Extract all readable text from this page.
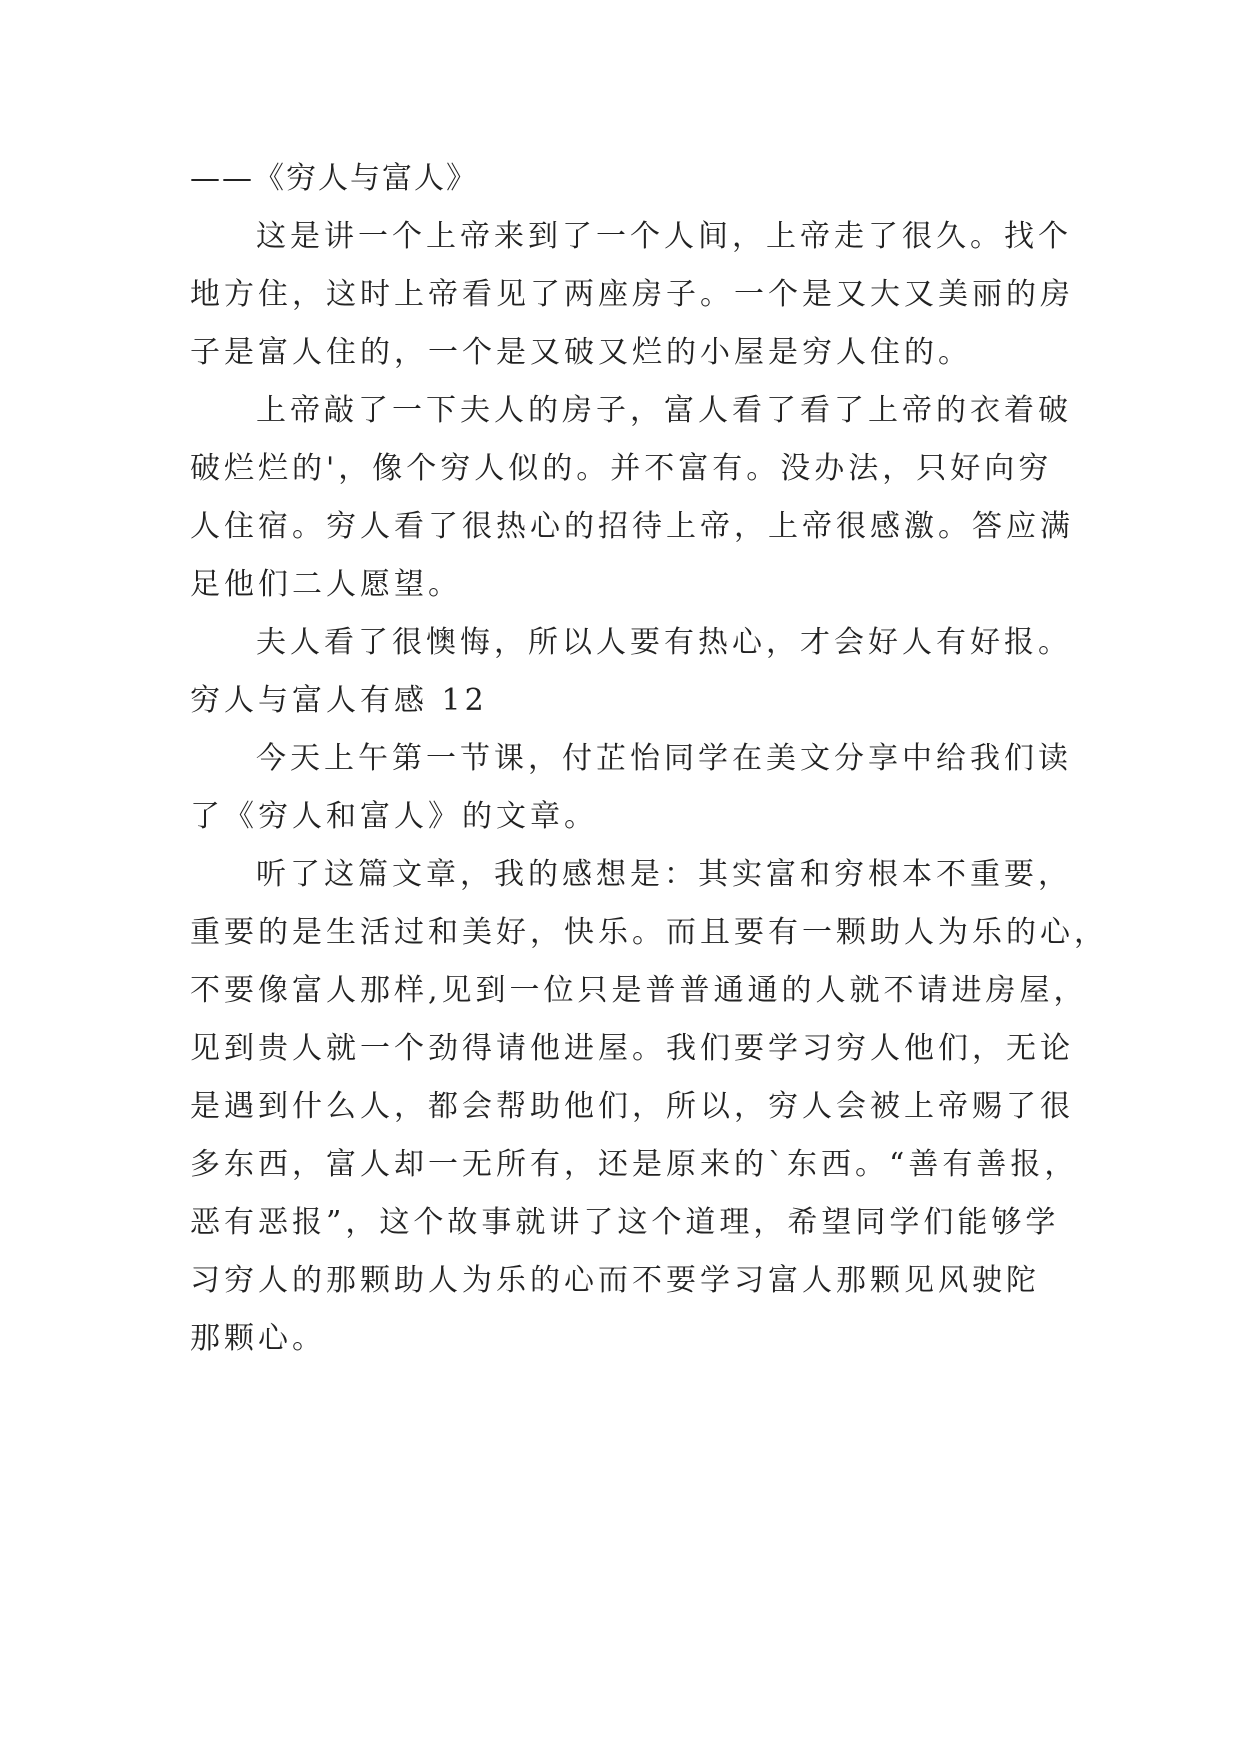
——《穷人与富人》
这是讲一个上帝来到了一个人间，上帝走了很久。找个
地方住，这时上帝看见了两座房子。一个是又大又美丽的房
子是富人住的，一个是又破又烂的小屋是穷人住的。
上帝敲了一下夫人的房子，富人看了看了上帝的衣着破
破烂烂的'，像个穷人似的。并不富有。没办法，只好向穷
人住宿。穷人看了很热心的招待上帝，上帝很感激。答应满
足他们二人愿望。
夫人看了很懊悔，所以人要有热心，才会好人有好报。
穷人与富人有感 12
今天上午第一节课，付芷怡同学在美文分享中给我们读
了《穷人和富人》的文章。
听了这篇文章，我的感想是：其实富和穷根本不重要，
重要的是生活过和美好，快乐。而且要有一颗助人为乐的心，
不要像富人那样,见到一位只是普普通通的人就不请进房屋，
见到贵人就一个劲得请他进屋。我们要学习穷人他们，无论
是遇到什么人，都会帮助他们，所以，穷人会被上帝赐了很
多东西，富人却一无所有，还是原来的`东西。“善有善报，
恶有恶报”，这个故事就讲了这个道理，希望同学们能够学
习穷人的那颗助人为乐的心而不要学习富人那颗见风驶陀
那颗心。
